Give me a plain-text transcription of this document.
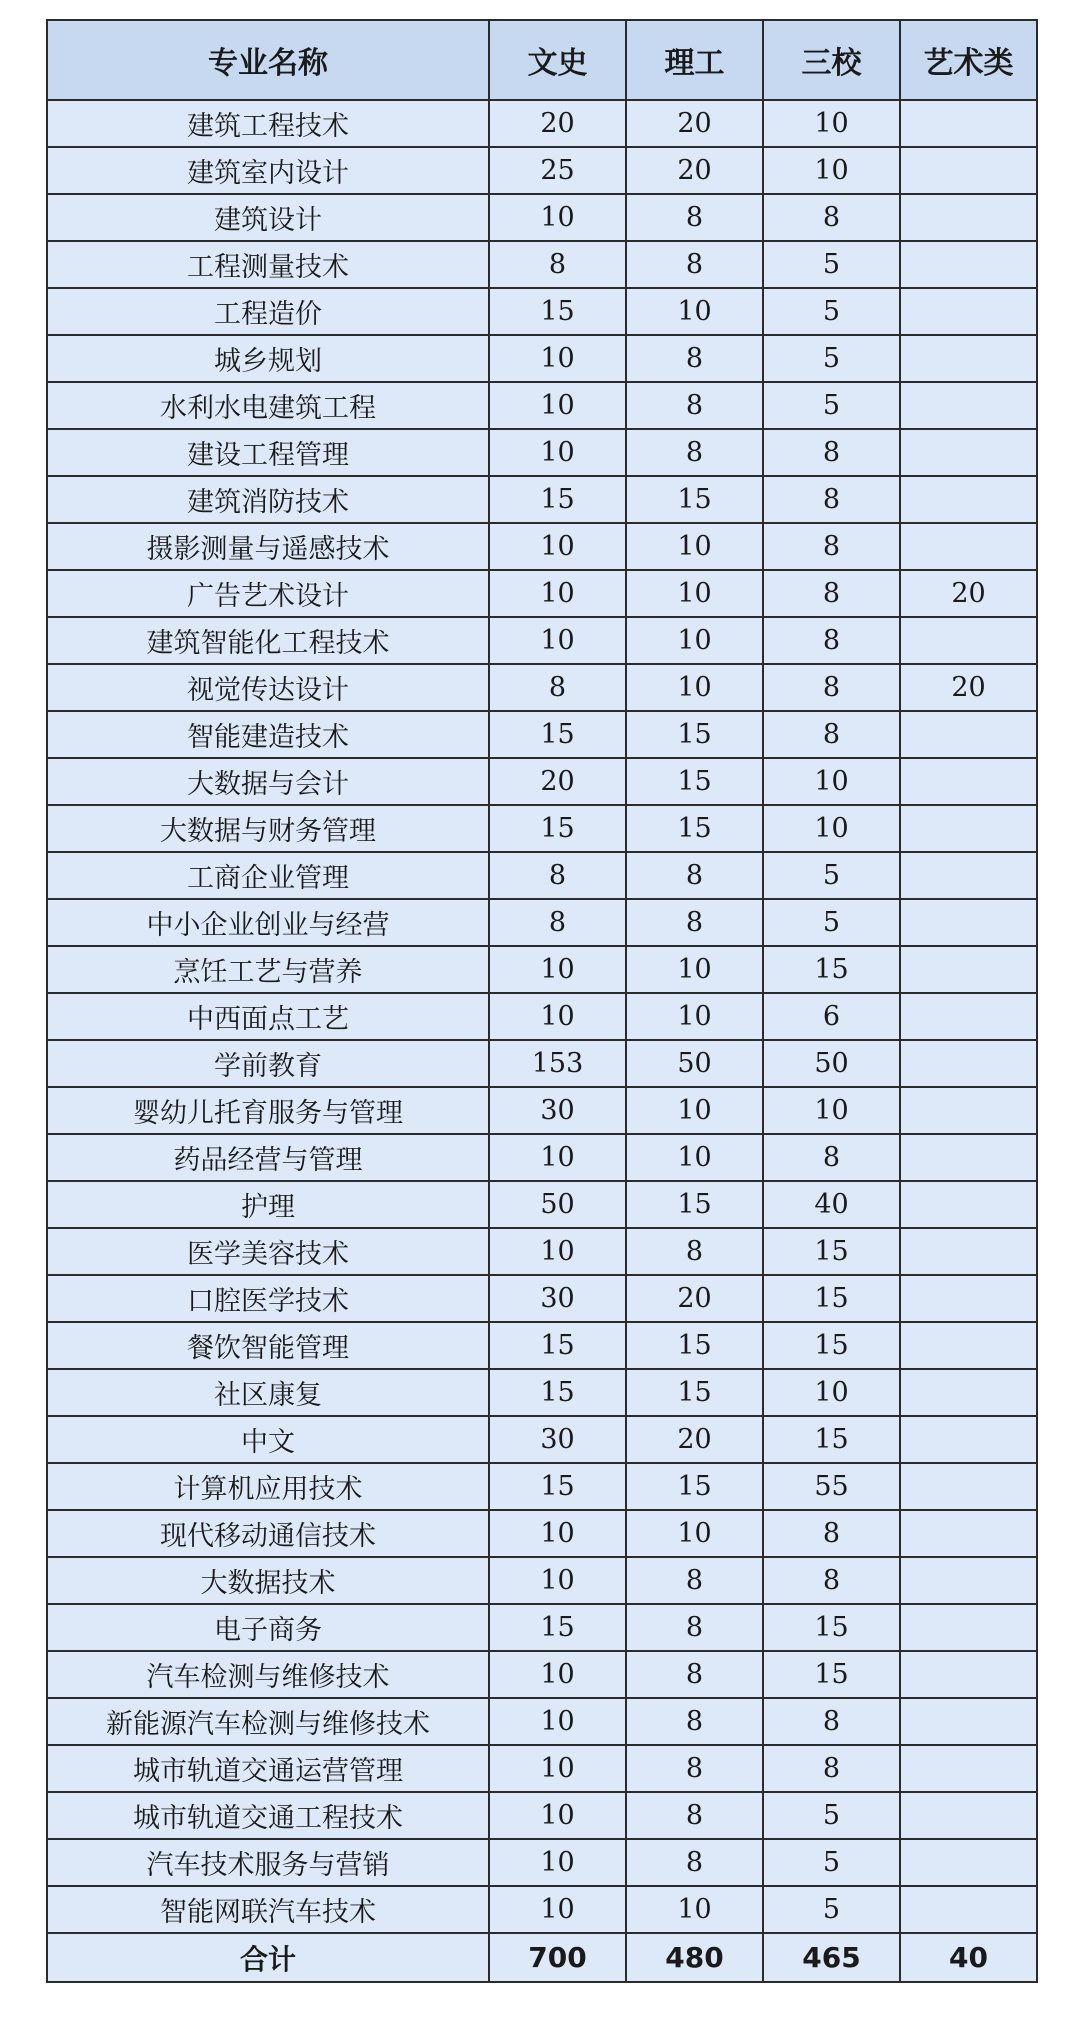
专业名称	文史	理工	三校	艺术类
建筑工程技术	20	20	10	
建筑室内设计	25	20	10	
建筑设计	10	8	8	
工程测量技术	8	8	5	
工程造价	15	10	5	
城乡规划	10	8	5	
水利水电建筑工程	10	8	5	
建设工程管理	10	8	8	
建筑消防技术	15	15	8	
摄影测量与遥感技术	10	10	8	
广告艺术设计	10	10	8	20
建筑智能化工程技术	10	10	8	
视觉传达设计	8	10	8	20
智能建造技术	15	15	8	
大数据与会计	20	15	10	
大数据与财务管理	15	15	10	
工商企业管理	8	8	5	
中小企业创业与经营	8	8	5	
烹饪工艺与营养	10	10	15	
中西面点工艺	10	10	6	
学前教育	153	50	50	
婴幼儿托育服务与管理	30	10	10	
药品经营与管理	10	10	8	
护理	50	15	40	
医学美容技术	10	8	15	
口腔医学技术	30	20	15	
餐饮智能管理	15	15	15	
社区康复	15	15	10	
中文	30	20	15	
计算机应用技术	15	15	55	
现代移动通信技术	10	10	8	
大数据技术	10	8	8	
电子商务	15	8	15	
汽车检测与维修技术	10	8	15	
新能源汽车检测与维修技术	10	8	8	
城市轨道交通运营管理	10	8	8	
城市轨道交通工程技术	10	8	5	
汽车技术服务与营销	10	8	5	
智能网联汽车技术	10	10	5	
合计	700	480	465	40
